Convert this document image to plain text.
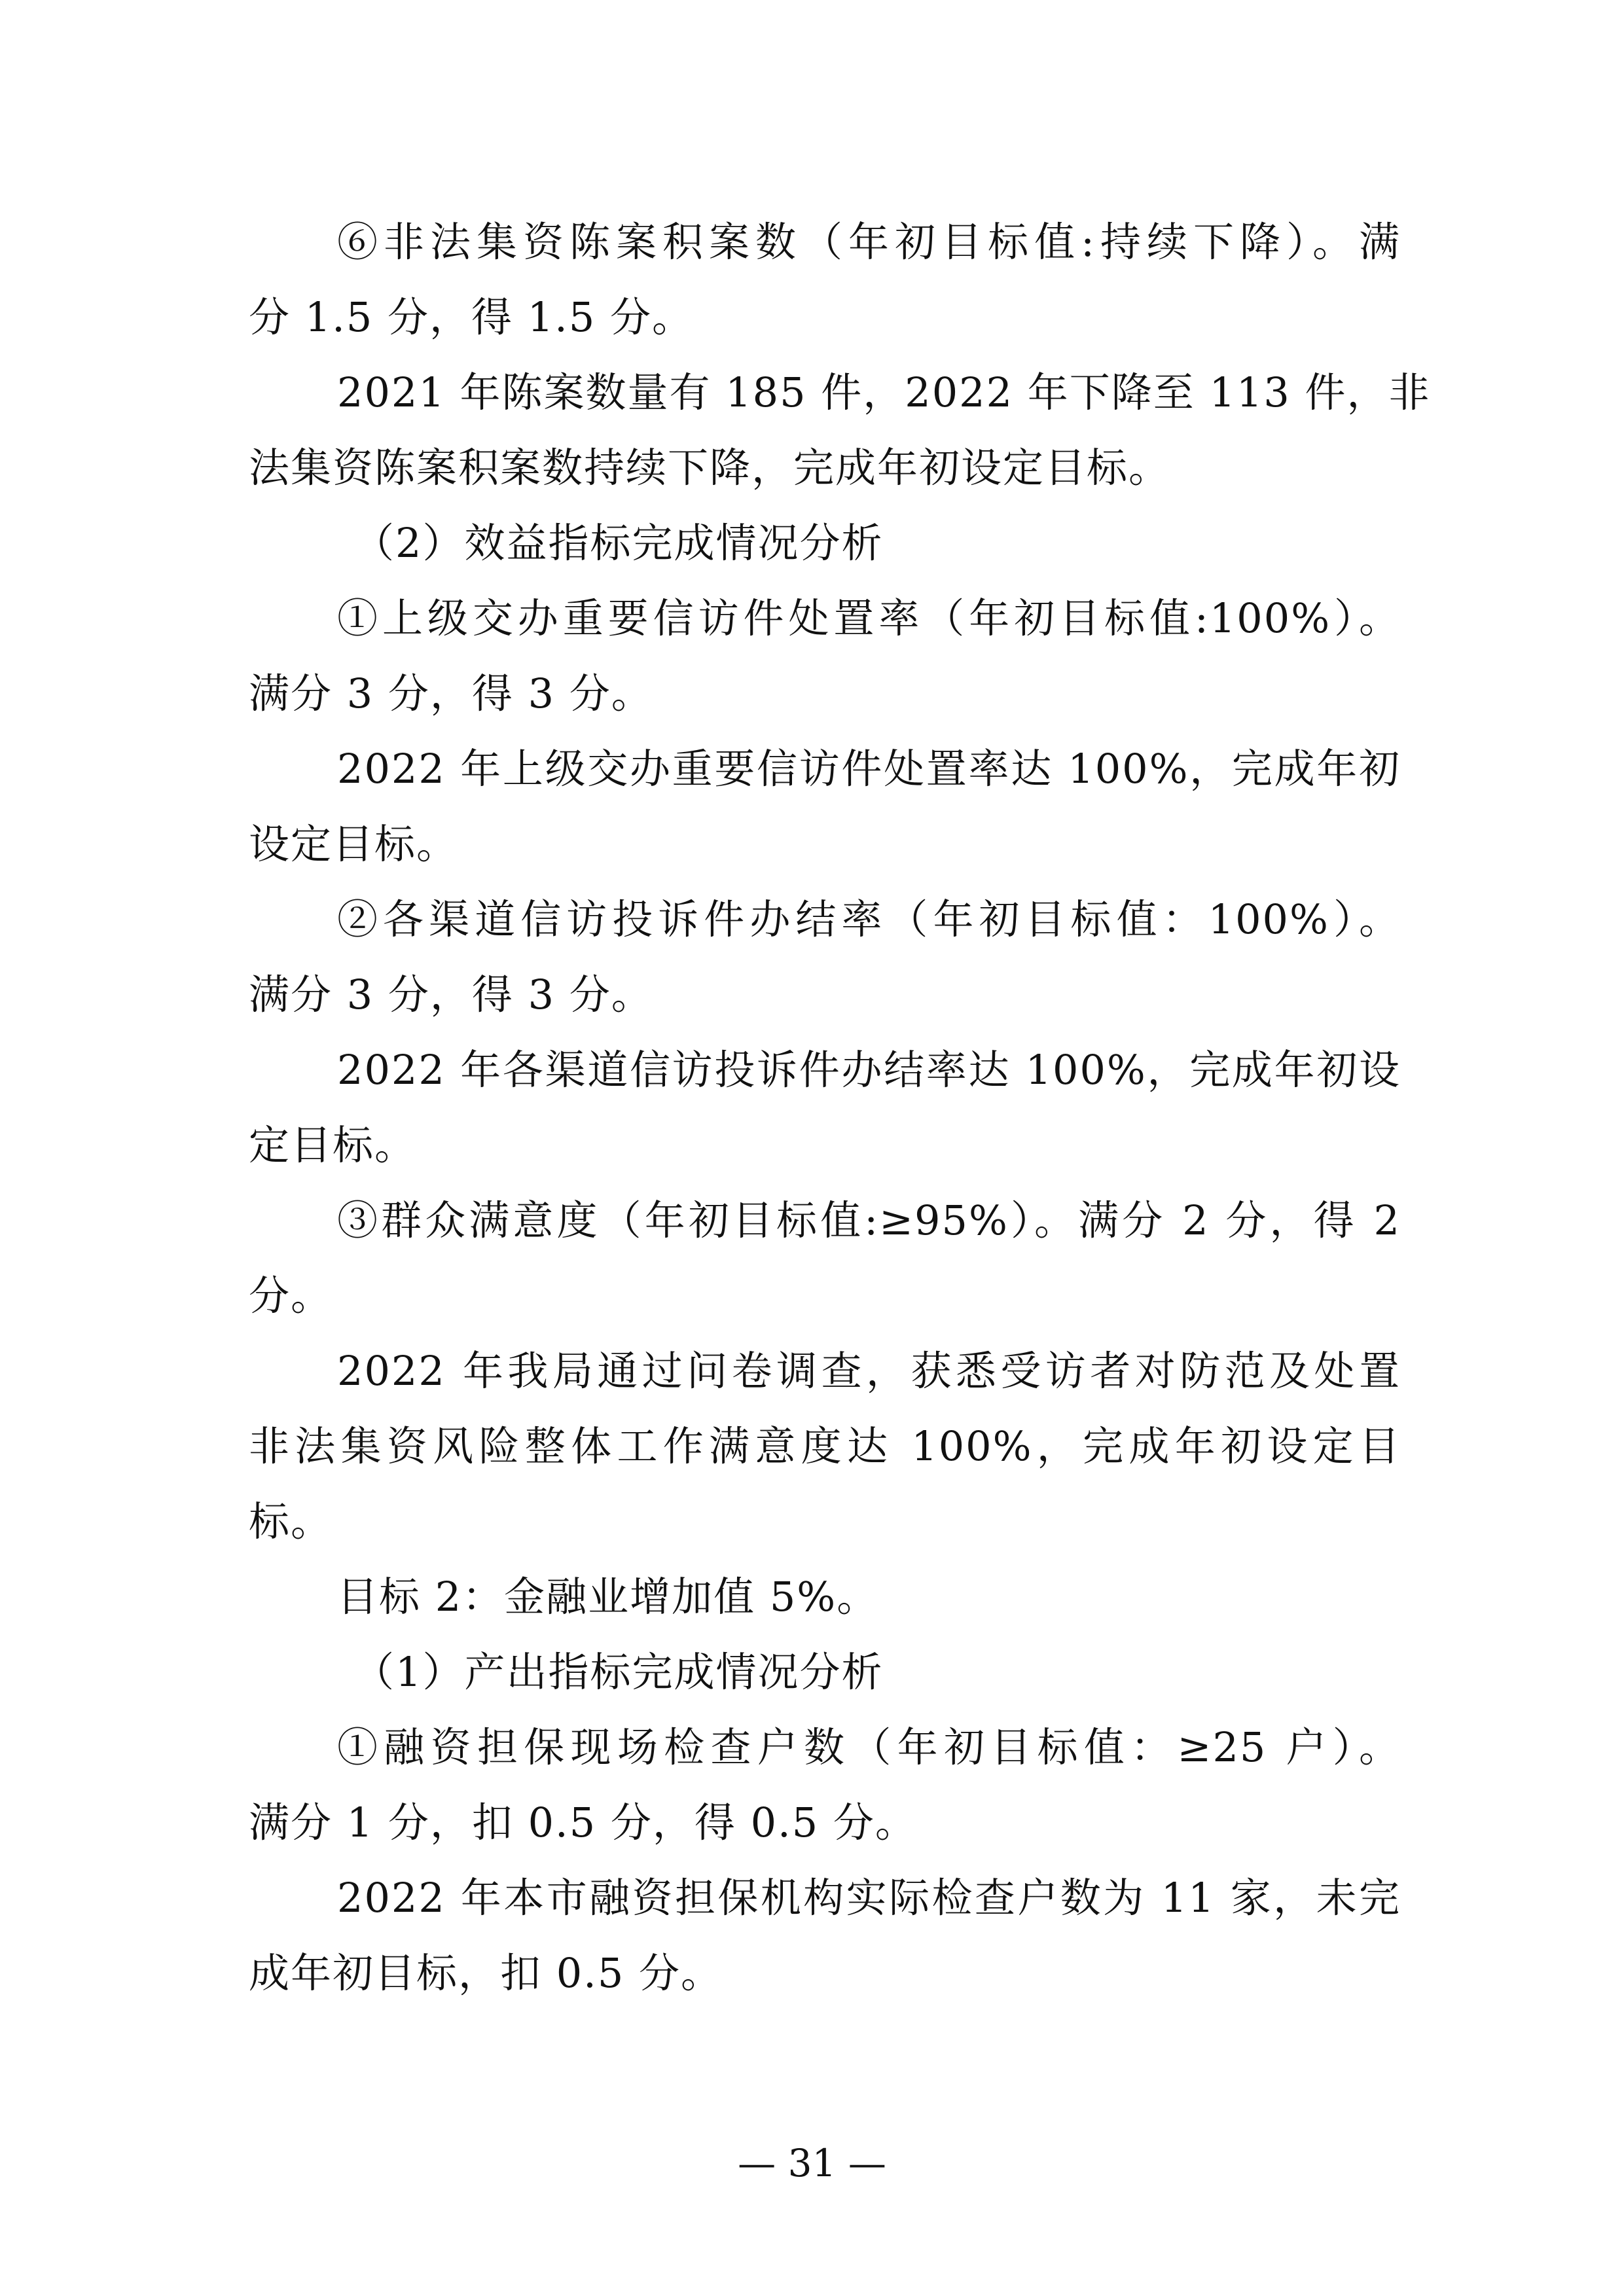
⑥非法集资陈案积案数（年初目标值:持续下降）。满
分 1.5 分，得 1.5 分。
2021 年陈案数量有 185 件，2022 年下降至 113 件，非
法集资陈案积案数持续下降，完成年初设定目标。
（2）效益指标完成情况分析
①上级交办重要信访件处置率（年初目标值:100%）。
满分 3 分，得 3 分。
2022 年上级交办重要信访件处置率达 100%，完成年初
设定目标。
②各渠道信访投诉件办结率（年初目标值：100%）。
满分 3 分，得 3 分。
2022 年各渠道信访投诉件办结率达 100%，完成年初设
定目标。
③群众满意度（年初目标值:≥95%）。满分 2 分，得 2
分。
2022 年我局通过问卷调查，获悉受访者对防范及处置
非法集资风险整体工作满意度达 100%，完成年初设定目
标。
目标 2：金融业增加值 5%。
（1）产出指标完成情况分析
①融资担保现场检查户数（年初目标值：≥25 户）。
满分 1 分，扣 0.5 分，得 0.5 分。
2022 年本市融资担保机构实际检查户数为 11 家，未完
成年初目标，扣 0.5 分。
— 31 —
